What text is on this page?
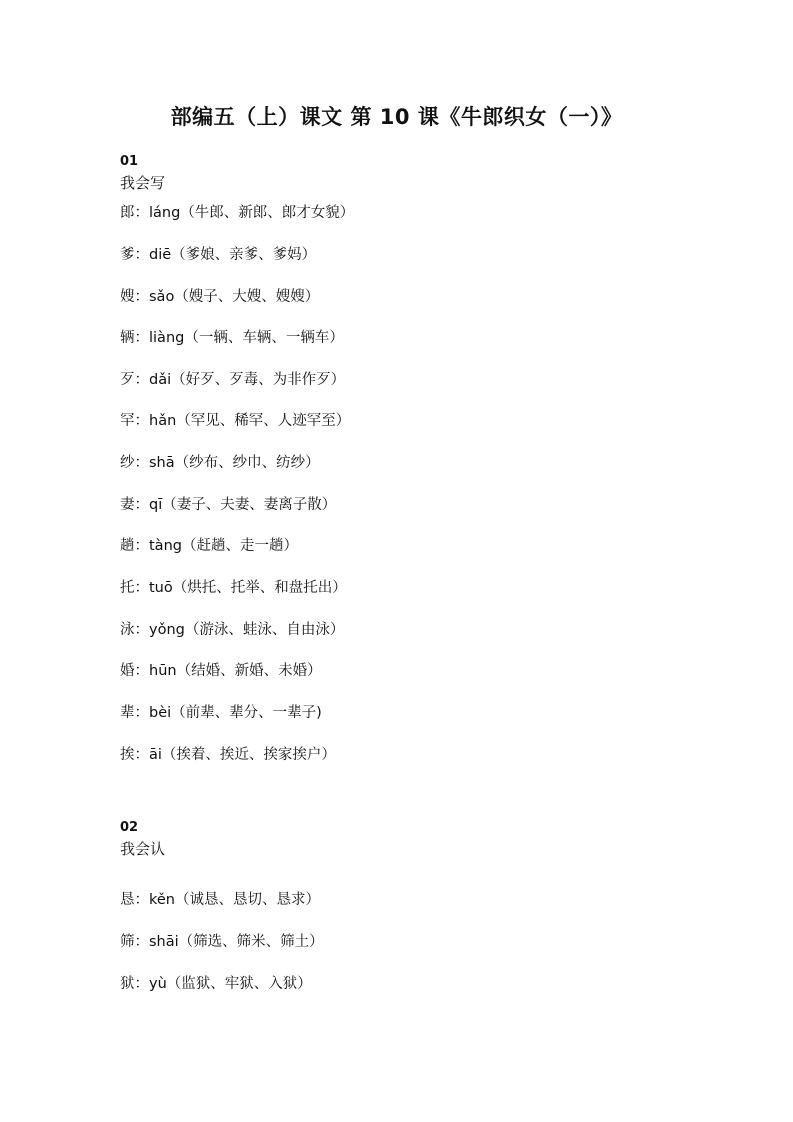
部编五（上）课文 第 10 课《牛郎织女（一）》
01
我会写
郎：láng（牛郎、新郎、郎才女貌）
爹：diē（爹娘、亲爹、爹妈）
嫂：sǎo（嫂子、大嫂、嫂嫂）
辆：liàng（一辆、车辆、一辆车）
歹：dǎi（好歹、歹毒、为非作歹）
罕：hǎn（罕见、稀罕、人迹罕至）
纱：shā（纱布、纱巾、纺纱）
妻：qī（妻子、夫妻、妻离子散）
趟：tàng（赶趟、走一趟）
托：tuō（烘托、托举、和盘托出）
泳：yǒng（游泳、蛙泳、自由泳）
婚：hūn（结婚、新婚、未婚）
辈：bèi（前辈、辈分、一辈子)
挨：āi（挨着、挨近、挨家挨户）
02
我会认
恳：kěn（诚恳、恳切、恳求）
筛：shāi（筛选、筛米、筛土）
狱：yù（监狱、牢狱、入狱）
